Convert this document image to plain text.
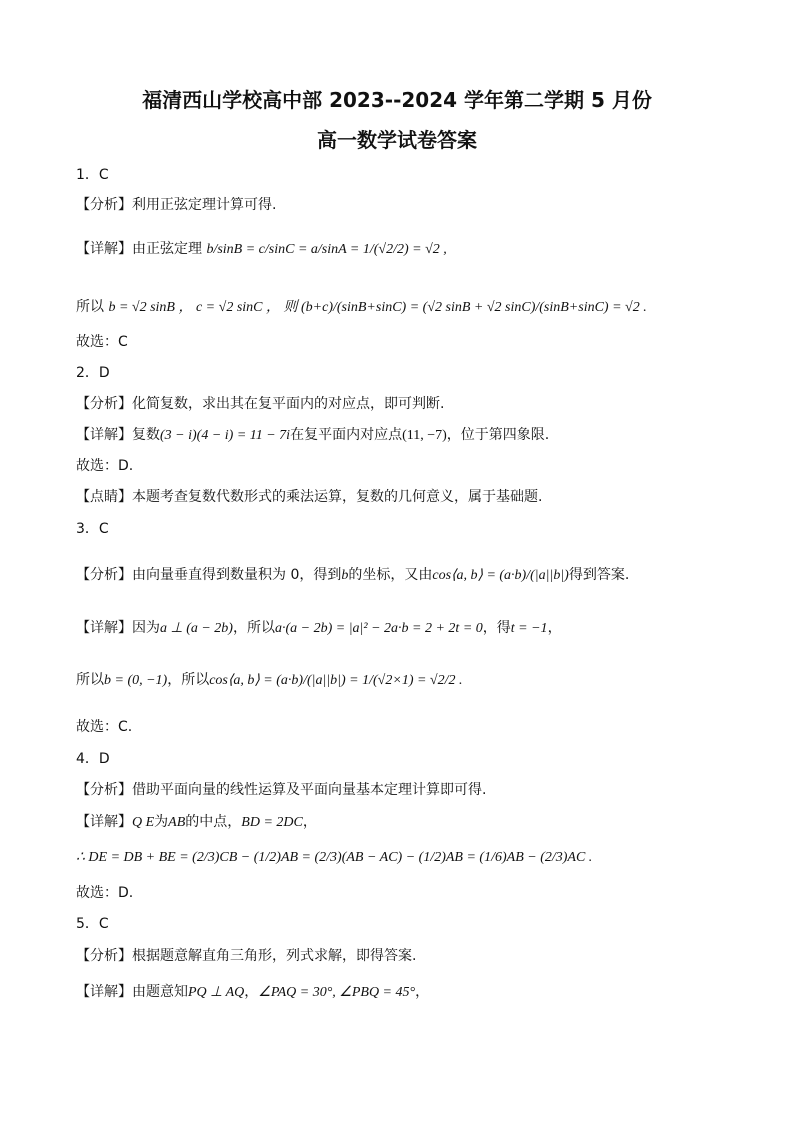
福清西山学校高中部 2023--2024 学年第二学期 5 月份
高一数学试卷答案
1．C
【分析】利用正弦定理计算可得.
【详解】由正弦定理 b/sinB = c/sinC = a/sinA = 1/(√2/2) = √2 ,
所以 b = √2 sinB ， c = √2 sinC ， 则 (b+c)/(sinB+sinC) = (√2 sinB + √2 sinC)/(sinB+sinC) = √2 .
故选：C
2．D
【分析】化简复数，求出其在复平面内的对应点，即可判断.
【详解】复数(3 − i)(4 − i) = 11 − 7i在复平面内对应点(11, −7)，位于第四象限.
故选：D.
【点睛】本题考查复数代数形式的乘法运算，复数的几何意义，属于基础题.
3．C
【分析】由向量垂直得到数量积为 0，得到b的坐标，又由cos⟨a, b⟩ = (a·b)/(|a||b|)得到答案.
【详解】因为a ⊥ (a − 2b)，所以a·(a − 2b) = |a|² − 2a·b = 2 + 2t = 0，得t = −1，
所以b = (0, −1)，所以cos⟨a, b⟩ = (a·b)/(|a||b|) = 1/(√2×1) = √2/2 .
故选：C.
4．D
【分析】借助平面向量的线性运算及平面向量基本定理计算即可得.
【详解】Q E为AB的中点，BD = 2DC，
∴ DE = DB + BE = (2/3)CB − (1/2)AB = (2/3)(AB − AC) − (1/2)AB = (1/6)AB − (2/3)AC .
故选：D.
5．C
【分析】根据题意解直角三角形，列式求解，即得答案.
【详解】由题意知PQ ⊥ AQ，∠PAQ = 30°, ∠PBQ = 45°，
